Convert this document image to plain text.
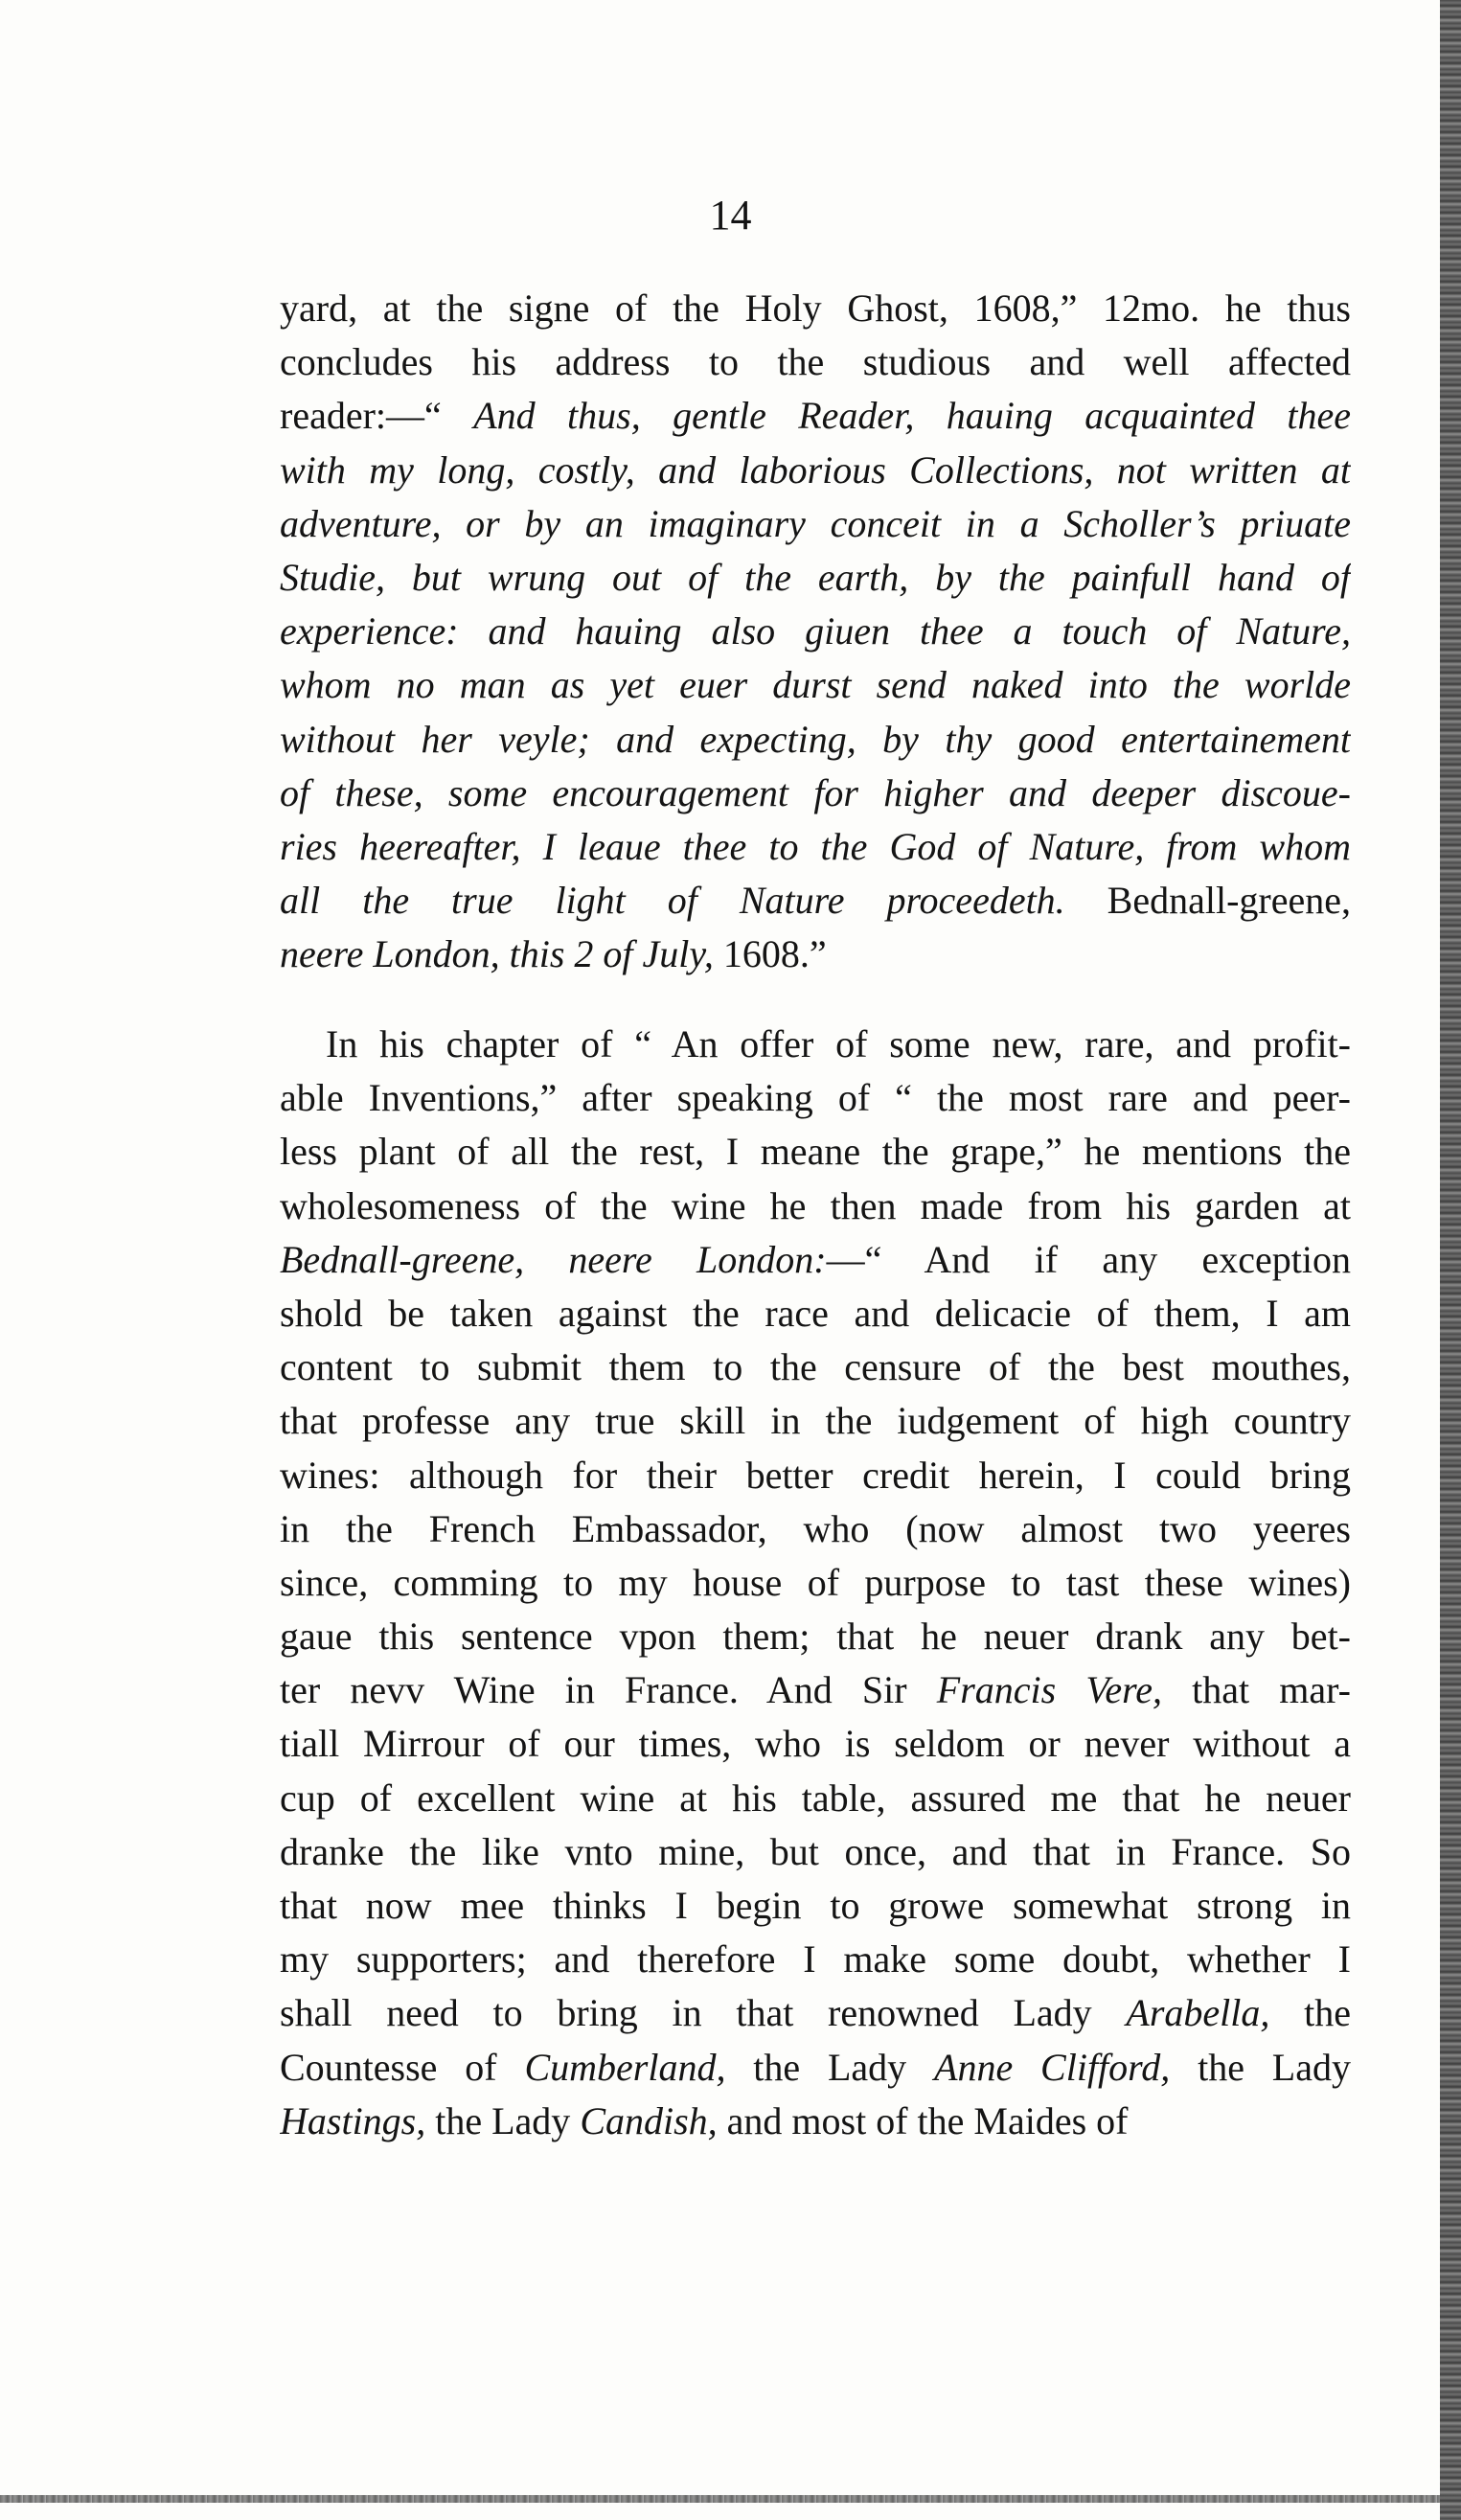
14
yard, at the signe of the Holy Ghost, 1608,” 12mo. he thus
concludes his address to the studious and well affected
reader:—“ And thus, gentle Reader, hauing acquainted thee
with my long, costly, and laborious Collections, not written at
adventure, or by an imaginary conceit in a Scholler’s priuate
Studie, but wrung out of the earth, by the painfull hand of
experience: and hauing also giuen thee a touch of Nature,
whom no man as yet euer durst send naked into the worlde
without her veyle; and expecting, by thy good entertainement
of these, some encouragement for higher and deeper discoue-
ries heereafter, I leaue thee to the God of Nature, from whom
all the true light of Nature proceedeth. Bednall-greene,
neere London, this 2 of July, 1608.”
In his chapter of “ An offer of some new, rare, and profit-
able Inventions,” after speaking of “ the most rare and peer-
less plant of all the rest, I meane the grape,” he mentions the
wholesomeness of the wine he then made from his garden at
Bednall-greene, neere London:—“ And if any exception
shold be taken against the race and delicacie of them, I am
content to submit them to the censure of the best mouthes,
that professe any true skill in the iudgement of high country
wines: although for their better credit herein, I could bring
in the French Embassador, who (now almost two yeeres
since, comming to my house of purpose to tast these wines)
gaue this sentence vpon them; that he neuer drank any bet-
ter nevv Wine in France. And Sir Francis Vere, that mar-
tiall Mirrour of our times, who is seldom or never without a
cup of excellent wine at his table, assured me that he neuer
dranke the like vnto mine, but once, and that in France. So
that now mee thinks I begin to growe somewhat strong in
my supporters; and therefore I make some doubt, whether I
shall need to bring in that renowned Lady Arabella, the
Countesse of Cumberland, the Lady Anne Clifford, the Lady
Hastings, the Lady Candish, and most of the Maides of
